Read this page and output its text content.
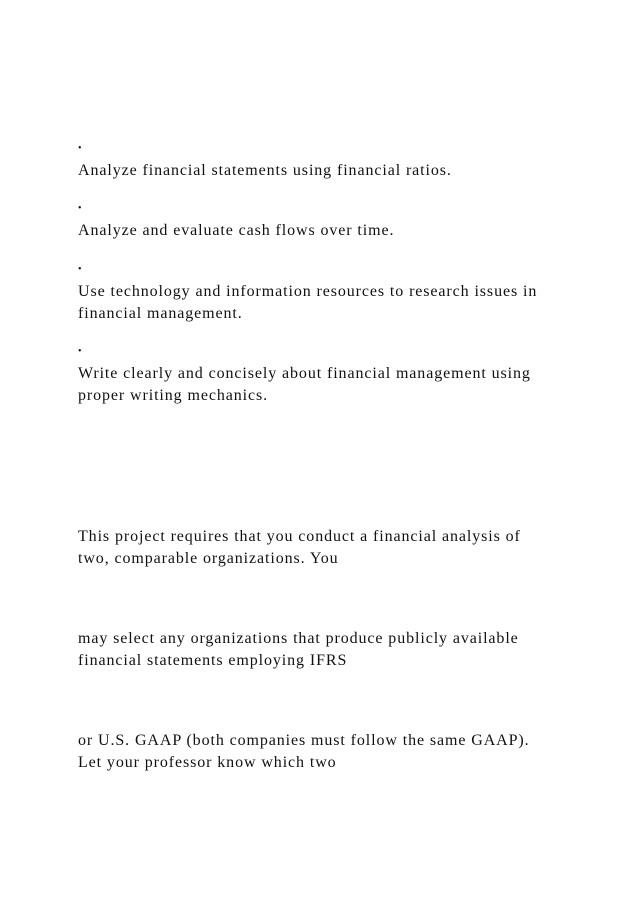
•
Analyze financial statements using financial ratios.
•
Analyze and evaluate cash flows over time.
•
Use technology and information resources to research issues in
financial management.
•
Write clearly and concisely about financial management using
proper writing mechanics.
This project requires that you conduct a financial analysis of
two, comparable organizations. You
may select any organizations that produce publicly available
financial statements employing IFRS
or U.S. GAAP (both companies must follow the same GAAP).
Let your professor know which two
